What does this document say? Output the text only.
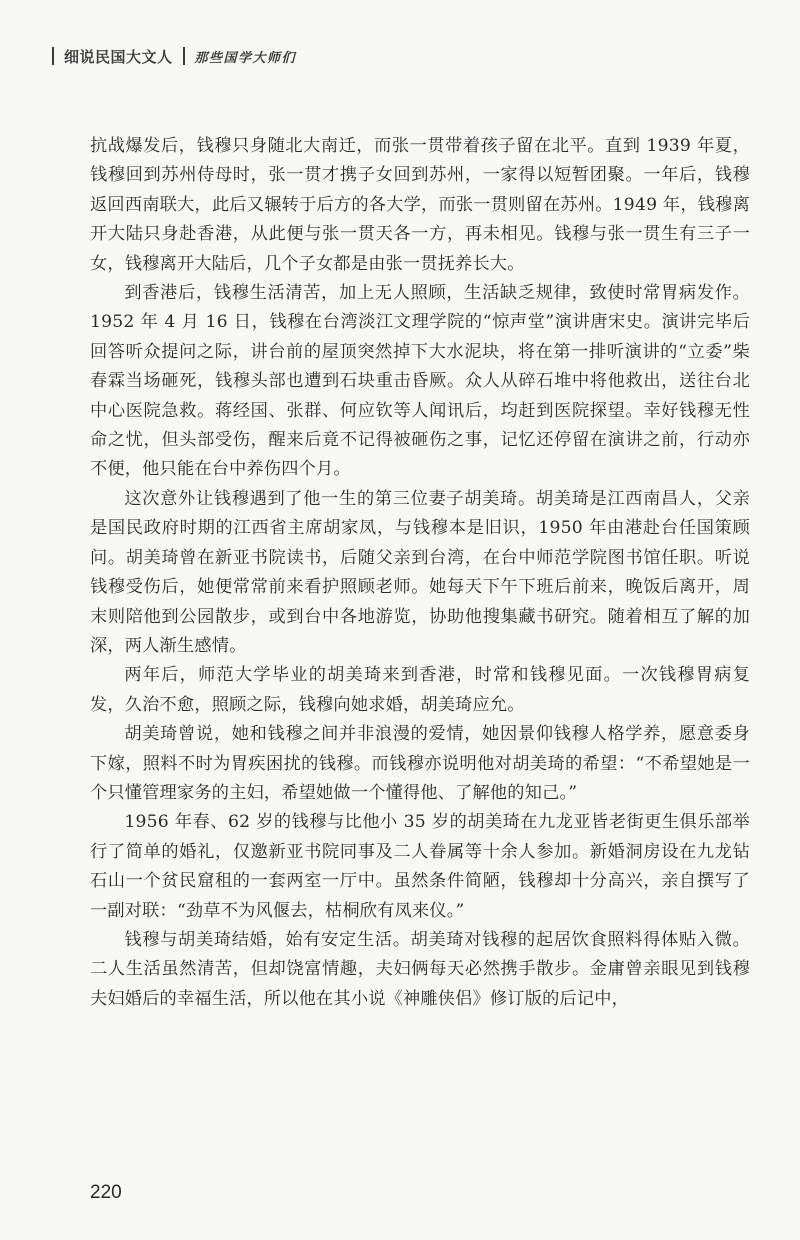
细说民国大文人 那些国学大师们

抗战爆发后，钱穆只身随北大南迁，而张一贯带着孩子留在北平。直到 1939 年夏，钱穆回到苏州侍母时，张一贯才携子女回到苏州，一家得以短暂团聚。一年后，钱穆返回西南联大，此后又辗转于后方的各大学，而张一贯则留在苏州。1949 年，钱穆离开大陆只身赴香港，从此便与张一贯天各一方，再未相见。钱穆与张一贯生有三子一女，钱穆离开大陆后，几个子女都是由张一贯抚养长大。

到香港后，钱穆生活清苦，加上无人照顾，生活缺乏规律，致使时常胃病发作。1952 年 4 月 16 日，钱穆在台湾淡江文理学院的“惊声堂”演讲唐宋史。演讲完毕后回答听众提问之际，讲台前的屋顶突然掉下大水泥块，将在第一排听演讲的“立委”柴春霖当场砸死，钱穆头部也遭到石块重击昏厥。众人从碎石堆中将他救出，送往台北中心医院急救。蒋经国、张群、何应钦等人闻讯后，均赶到医院探望。幸好钱穆无性命之忧，但头部受伤，醒来后竟不记得被砸伤之事，记忆还停留在演讲之前，行动亦不便，他只能在台中养伤四个月。

这次意外让钱穆遇到了他一生的第三位妻子胡美琦。胡美琦是江西南昌人，父亲是国民政府时期的江西省主席胡家凤，与钱穆本是旧识，1950 年由港赴台任国策顾问。胡美琦曾在新亚书院读书，后随父亲到台湾，在台中师范学院图书馆任职。听说钱穆受伤后，她便常常前来看护照顾老师。她每天下午下班后前来，晚饭后离开，周末则陪他到公园散步，或到台中各地游览，协助他搜集藏书研究。随着相互了解的加深，两人渐生感情。

两年后，师范大学毕业的胡美琦来到香港，时常和钱穆见面。一次钱穆胃病复发，久治不愈，照顾之际，钱穆向她求婚，胡美琦应允。

胡美琦曾说，她和钱穆之间并非浪漫的爱情，她因景仰钱穆人格学养，愿意委身下嫁，照料不时为胃疾困扰的钱穆。而钱穆亦说明他对胡美琦的希望：“不希望她是一个只懂管理家务的主妇，希望她做一个懂得他、了解他的知己。”

1956 年春、62 岁的钱穆与比他小 35 岁的胡美琦在九龙亚皆老街更生俱乐部举行了简单的婚礼，仅邀新亚书院同事及二人眷属等十余人参加。新婚洞房设在九龙钻石山一个贫民窟租的一套两室一厅中。虽然条件简陋，钱穆却十分高兴，亲自撰写了一副对联：“劲草不为风偃去，枯桐欣有凤来仪。”

钱穆与胡美琦结婚，始有安定生活。胡美琦对钱穆的起居饮食照料得体贴入微。二人生活虽然清苦，但却饶富情趣，夫妇俩每天必然携手散步。金庸曾亲眼见到钱穆夫妇婚后的幸福生活，所以他在其小说《神雕侠侣》修订版的后记中，

220
